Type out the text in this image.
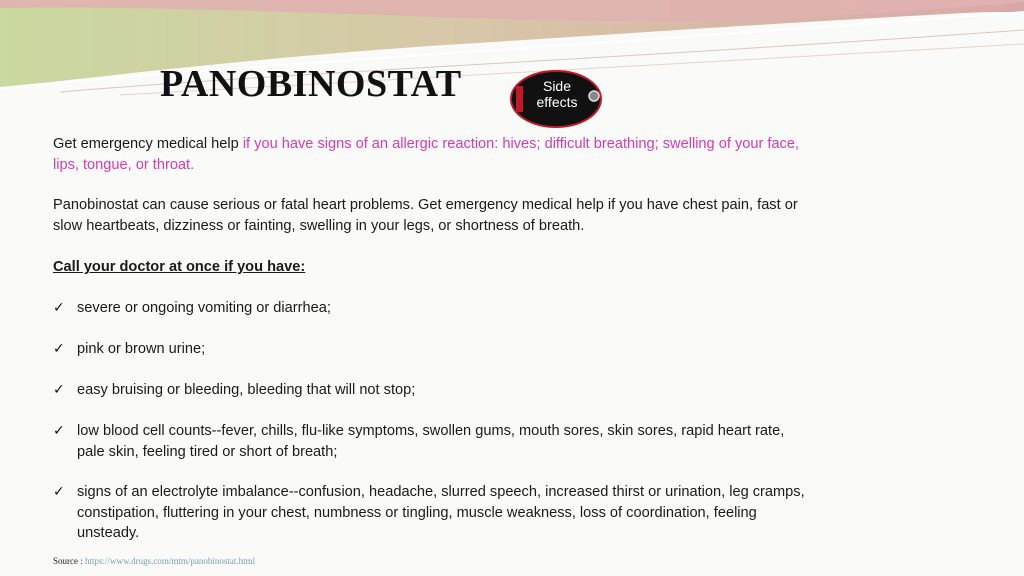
PANOBINOSTAT	Side
effects

Get emergency medical help if you have signs of an allergic reaction: hives; difficult breathing; swelling of your face, lips, tongue, or throat.

Panobinostat can cause serious or fatal heart problems. Get emergency medical help if you have chest pain, fast or slow heartbeats, dizziness or fainting, swelling in your legs, or shortness of breath.

Call your doctor at once if you have:

✓ severe or ongoing vomiting or diarrhea;
✓ pink or brown urine;
✓ easy bruising or bleeding, bleeding that will not stop;
✓ low blood cell counts--fever, chills, flu-like symptoms, swollen gums, mouth sores, skin sores, rapid heart rate, pale skin, feeling tired or short of breath;
✓ signs of an electrolyte imbalance--confusion, headache, slurred speech, increased thirst or urination, leg cramps, constipation, fluttering in your chest, numbness or tingling, muscle weakness, loss of coordination, feeling unsteady.
Source : https://www.drugs.com/mtm/panobinostat.html
